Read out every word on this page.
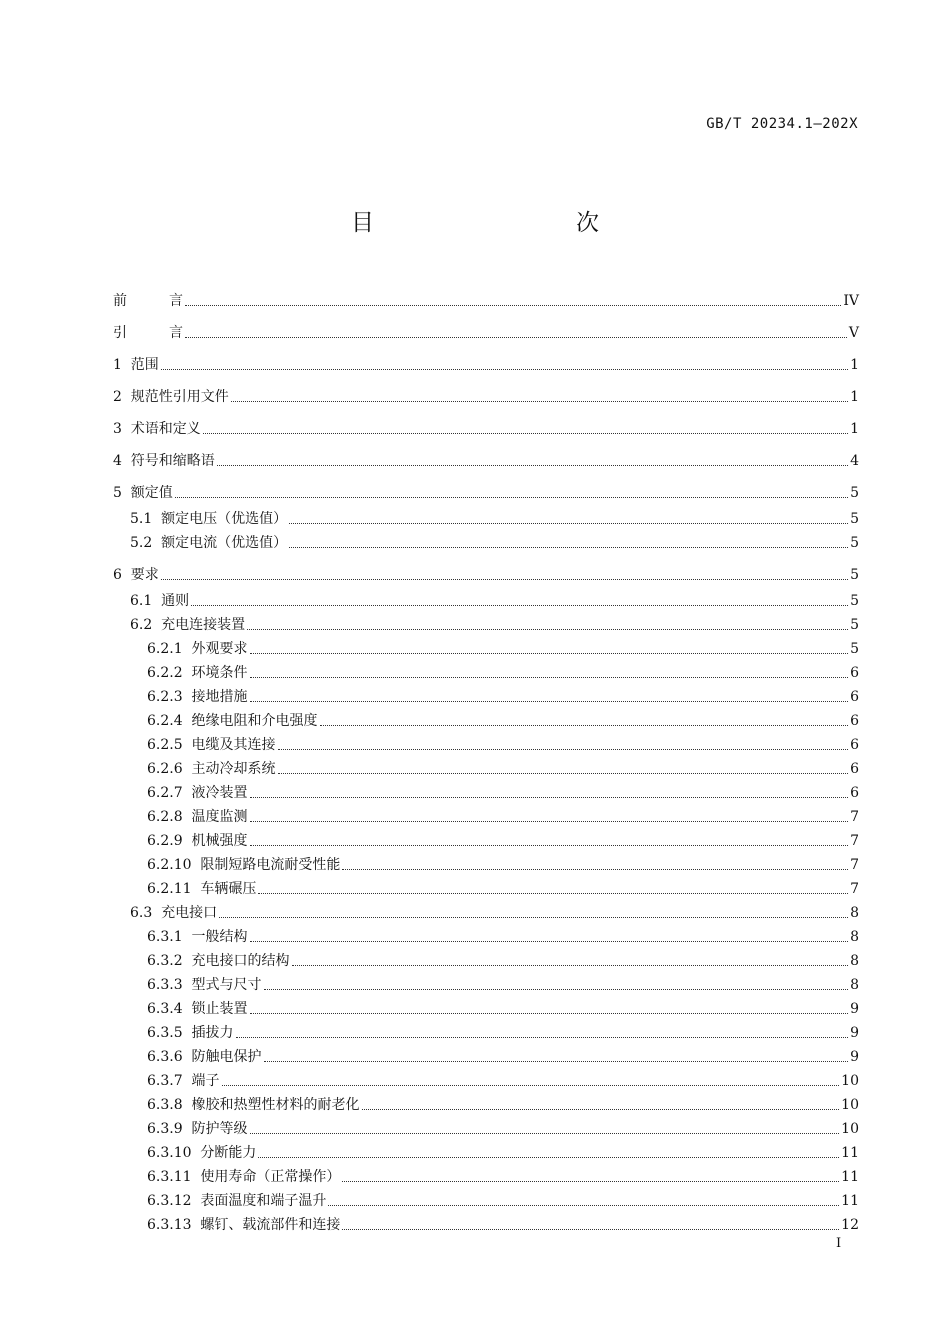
GB/T 20234.1—202X
目　　次
前　　　言	IV
引　　　言	V
1  范围	1
2  规范性引用文件	1
3  术语和定义	1
4  符号和缩略语	4
5  额定值	5
5.1  额定电压（优选值）	5
5.2  额定电流（优选值）	5
6  要求	5
6.1  通则	5
6.2  充电连接装置	5
6.2.1  外观要求	5
6.2.2  环境条件	6
6.2.3  接地措施	6
6.2.4  绝缘电阻和介电强度	6
6.2.5  电缆及其连接	6
6.2.6  主动冷却系统	6
6.2.7  液冷装置	6
6.2.8  温度监测	7
6.2.9  机械强度	7
6.2.10  限制短路电流耐受性能	7
6.2.11  车辆碾压	7
6.3  充电接口	8
6.3.1  一般结构	8
6.3.2  充电接口的结构	8
6.3.3  型式与尺寸	8
6.3.4  锁止装置	9
6.3.5  插拔力	9
6.3.6  防触电保护	9
6.3.7  端子	10
6.3.8  橡胶和热塑性材料的耐老化	10
6.3.9  防护等级	10
6.3.10  分断能力	11
6.3.11  使用寿命（正常操作）	11
6.3.12  表面温度和端子温升	11
6.3.13  螺钉、载流部件和连接	12
I
